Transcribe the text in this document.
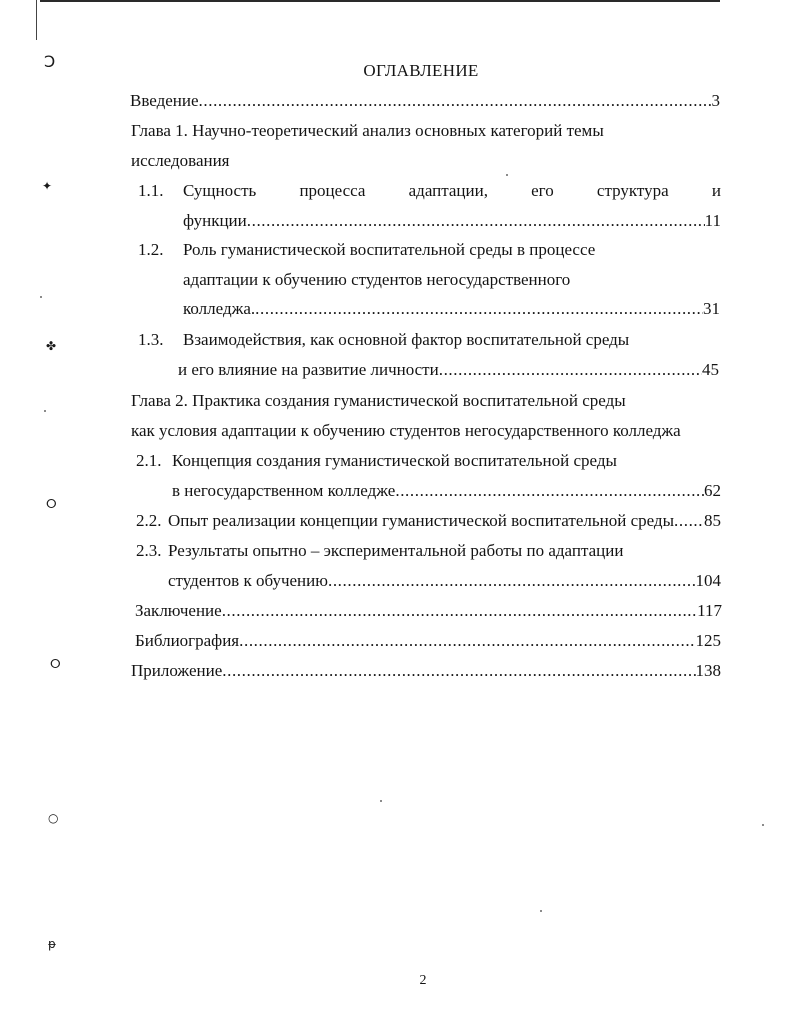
Ɔ
✦
✤
ⵔ
ⵔ
○
ᵽ
ОГЛАВЛЕНИЕ
Введение .....	3
Глава 1. Научно-теоретический анализ основных категорий темы
исследования
1.1.	Сущность	процесса	адаптации,	его	структура	и
функции .....	11
1.2.	Роль гуманистической воспитательной среды в процессе
адаптации к обучению студентов негосударственного
колледжа. .....	31
1.3.	Взаимодействия, как основной фактор воспитательной среды
и его влияние на развитие личности .....	45
Глава 2. Практика создания гуманистической воспитательной среды
как условия адаптации к обучению студентов негосударственного колледжа
2.1. Концепция создания гуманистической воспитательной среды
в негосударственном колледже .....	62
2.2. Опыт реализации концепции гуманистической воспитательной среды ..... 85
2.3. Результаты опытно – экспериментальной работы по адаптации
студентов к обучению .....	104
Заключение .....	117
Библиография .....	125
Приложение .....	138
2
